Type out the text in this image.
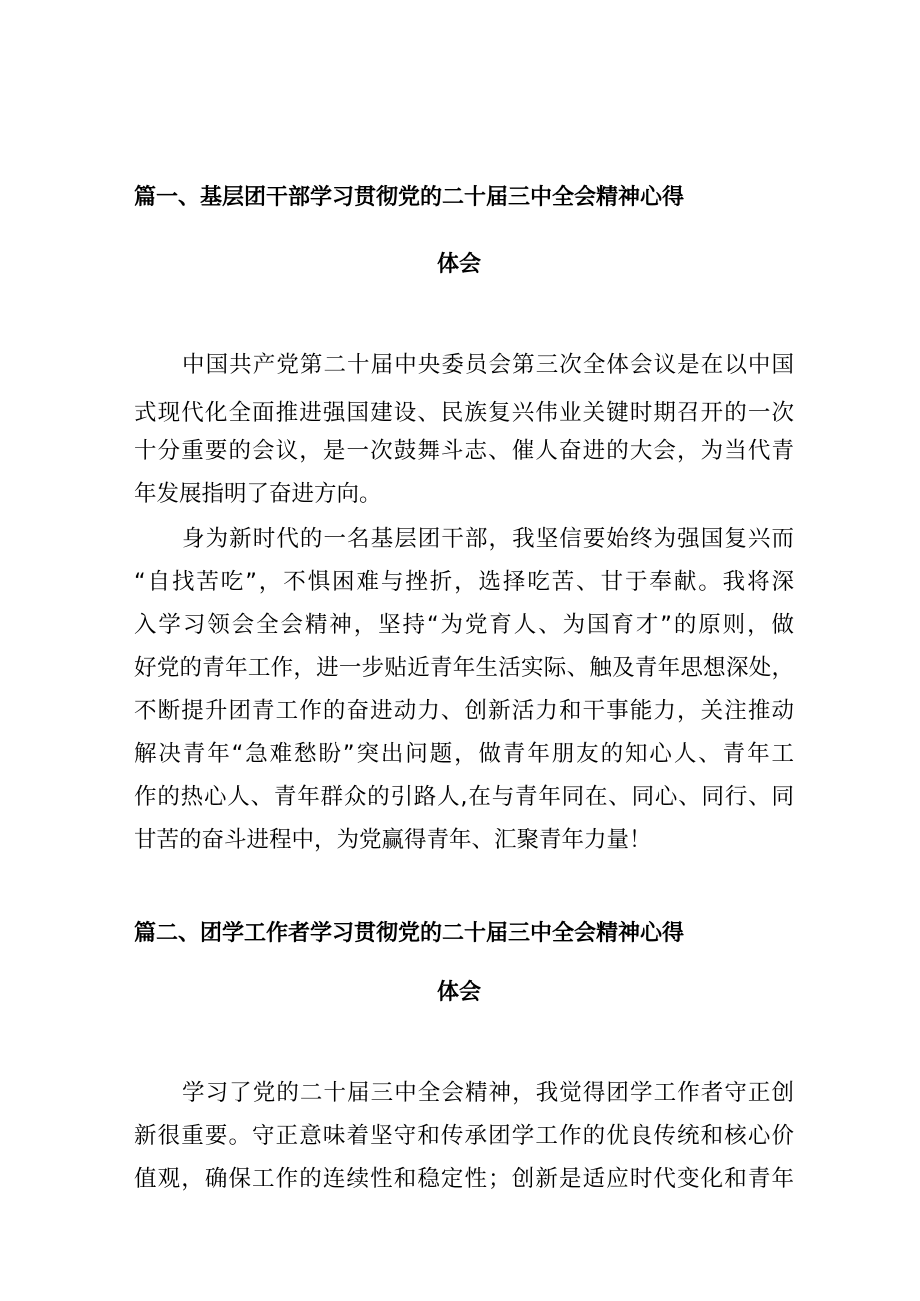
篇一、基层团干部学习贯彻党的二十届三中全会精神心得
体会
中国共产党第二十届中央委员会第三次全体会议是在以中国
式现代化全面推进强国建设、民族复兴伟业关键时期召开的一次
十分重要的会议，是一次鼓舞斗志、催人奋进的大会，为当代青
年发展指明了奋进方向。
身为新时代的一名基层团干部，我坚信要始终为强国复兴而
“自找苦吃”，不惧困难与挫折，选择吃苦、甘于奉献。我将深
入学习领会全会精神，坚持“为党育人、为国育才”的原则，做
好党的青年工作，进一步贴近青年生活实际、触及青年思想深处，
不断提升团青工作的奋进动力、创新活力和干事能力，关注推动
解决青年“急难愁盼”突出问题，做青年朋友的知心人、青年工
作的热心人、青年群众的引路人,在与青年同在、同心、同行、同
甘苦的奋斗进程中，为党赢得青年、汇聚青年力量！
篇二、团学工作者学习贯彻党的二十届三中全会精神心得
体会
学习了党的二十届三中全会精神，我觉得团学工作者守正创
新很重要。守正意味着坚守和传承团学工作的优良传统和核心价
值观，确保工作的连续性和稳定性；创新是适应时代变化和青年
